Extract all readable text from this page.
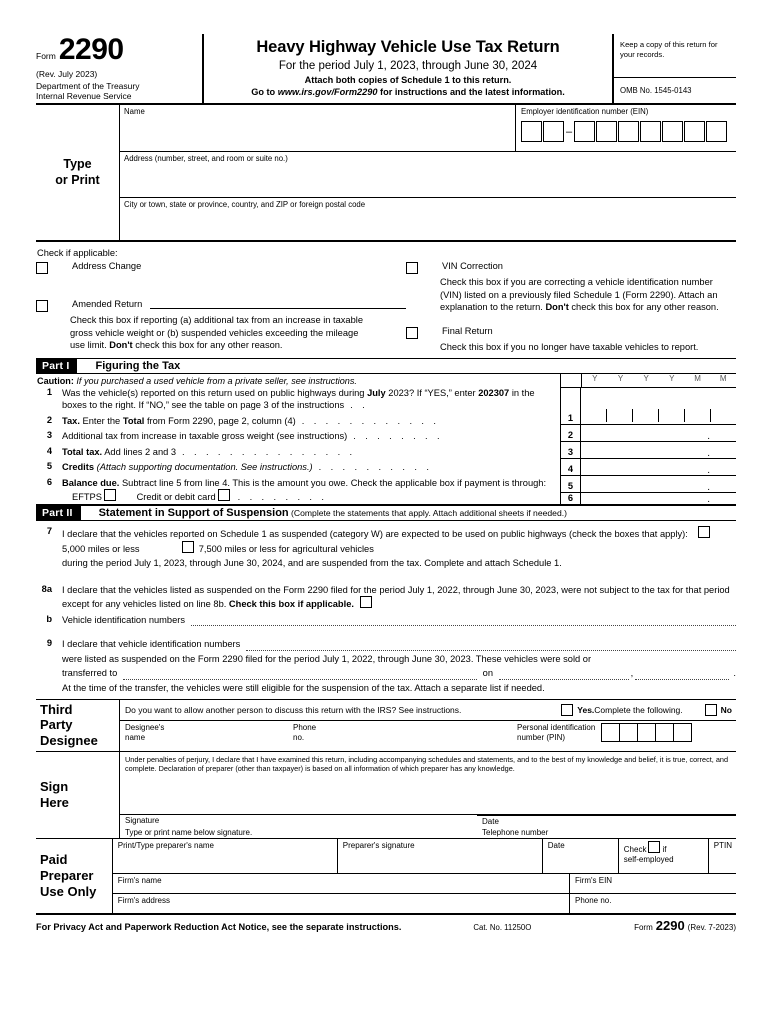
Form 2290
(Rev. July 2023)
Department of the Treasury
Internal Revenue Service
Heavy Highway Vehicle Use Tax Return
For the period July 1, 2023, through June 30, 2024
Attach both copies of Schedule 1 to this return.
Go to www.irs.gov/Form2290 for instructions and the latest information.
Keep a copy of this return for your records.
OMB No. 1545-0143
Type
or Print
Name	Employer identification number (EIN)
–
Address (number, street, and room or suite no.)
City or town, state or province, country, and ZIP or foreign postal code
Check if applicable:
Address Change
Amended Return
Check this box if reporting (a) additional tax from an increase in taxable gross vehicle weight or (b) suspended vehicles exceeding the mileage use limit. Don't check this box for any other reason.
VIN Correction
Check this box if you are correcting a vehicle identification number (VIN) listed on a previously filed Schedule 1 (Form 2290). Attach an explanation to the return. Don't check this box for any other reason.
Final Return
Check this box if you no longer have taxable vehicles to report.
Part I	Figuring the Tax
Caution: If you purchased a used vehicle from a private seller, see instructions.
1	Was the vehicle(s) reported on this return used on public highways during July 2023? If “YES,” enter 202307 in the boxes to the right. If “NO,” see the table on page 3 of the instructions . .
2	Tax. Enter the Total from Form 2290, page 2, column (4) . . . . . . . . . . . .
3	Additional tax from increase in taxable gross weight (see instructions) . . . . . . . .
4	Total tax. Add lines 2 and 3 . . . . . . . . . . . . . . .
5	Credits (Attach supporting documentation. See instructions.) . . . . . . . . . .
6	Balance due. Subtract line 5 from line 4. This is the amount you owe. Check the applicable box if payment is through: EFTPS	Credit or debit card . . . . . . . .
Y	Y	Y	Y	M	M
1
2	.
3	.
4	.
5	.
6	.
Part II	Statement in Support of Suspension (Complete the statements that apply. Attach additional sheets if needed.)
7	I declare that the vehicles reported on Schedule 1 as suspended (category W) are expected to be used on public highways (check the boxes that apply):  5,000 miles or less	7,500 miles or less for agricultural vehicles
during the period July 1, 2023, through June 30, 2024, and are suspended from the tax. Complete and attach Schedule 1.
8a	I declare that the vehicles listed as suspended on the Form 2290 filed for the period July 1, 2022, through June 30, 2023, were not subject to the tax for that period except for any vehicles listed on line 8b. Check this box if applicable.
b	Vehicle identification numbers
9	I declare that vehicle identification numbers
were listed as suspended on the Form 2290 filed for the period July 1, 2022, through June 30, 2023. These vehicles were sold or
transferred to	on	,	.
At the time of the transfer, the vehicles were still eligible for the suspension of the tax. Attach a separate list if needed.
Third
Party
Designee
Do you want to allow another person to discuss this return with the IRS? See instructions.	Yes. Complete the following.	No
Designee's
name
Phone
no.
Personal identification
number (PIN)
Sign
Here
Under penalties of perjury, I declare that I have examined this return, including accompanying schedules and statements, and to the best of my knowledge and belief, it is true, correct, and complete. Declaration of preparer (other than taxpayer) is based on all information of which preparer has any knowledge.
Signature	Date
Type or print name below signature.	Telephone number
Paid
Preparer
Use Only
Print/Type preparer's name	Preparer's signature	Date	Check if
self-employed
PTIN
Firm's name	Firm's EIN
Firm's address	Phone no.
For Privacy Act and Paperwork Reduction Act Notice, see the separate instructions.	Cat. No. 11250O	Form 2290 (Rev. 7-2023)
